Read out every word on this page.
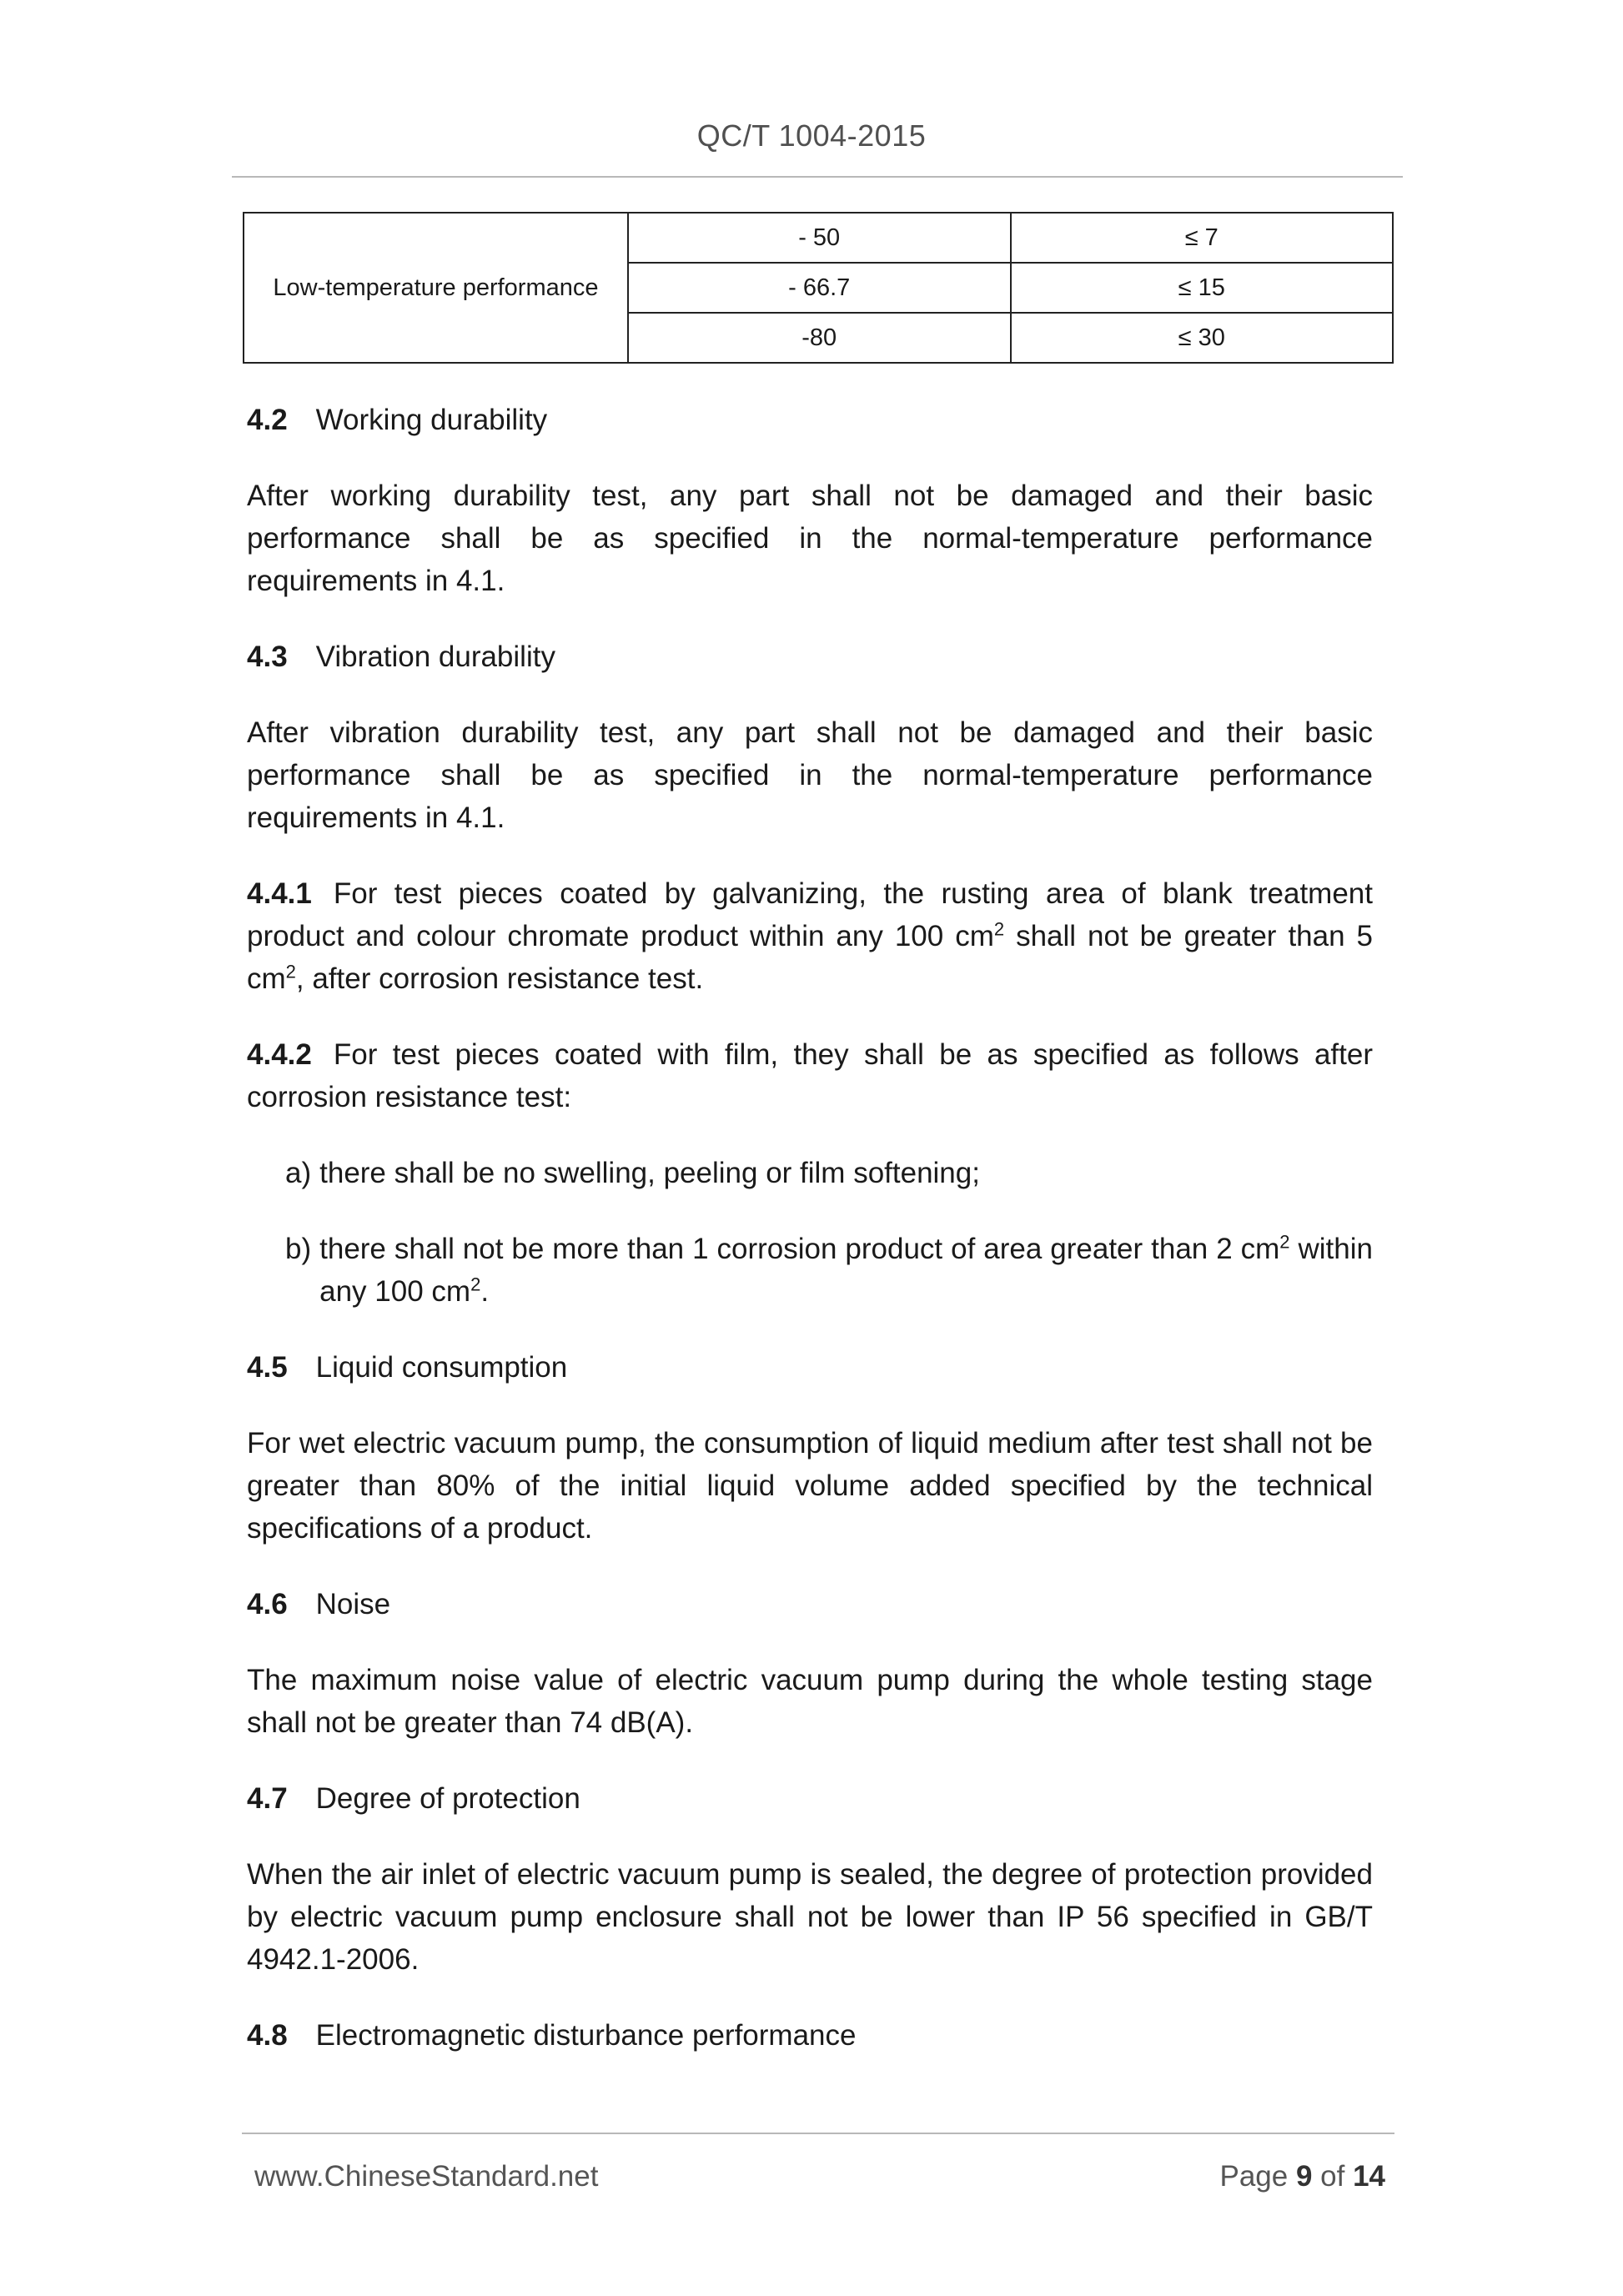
QC/T 1004-2015
Low-temperature performance	- 50	≤ 7
	- 66.7	≤ 15
	-80	≤ 30
4.2 Working durability
After working durability test, any part shall not be damaged and their basic performance shall be as specified in the normal-temperature performance requirements in 4.1.
4.3 Vibration durability
After vibration durability test, any part shall not be damaged and their basic performance shall be as specified in the normal-temperature performance requirements in 4.1.
4.4.1 For test pieces coated by galvanizing, the rusting area of blank treatment product and colour chromate product within any 100 $cm^2$ shall not be greater than 5 $cm^2$, after corrosion resistance test.
4.4.2 For test pieces coated with film, they shall be as specified as follows after corrosion resistance test:
a) there shall be no swelling, peeling or film softening;
b) there shall not be more than 1 corrosion product of area greater than 2 $cm^2$ within any 100 $cm^2$.
4.5 Liquid consumption
For wet electric vacuum pump, the consumption of liquid medium after test shall not be greater than 80% of the initial liquid volume added specified by the technical specifications of a product.
4.6 Noise
The maximum noise value of electric vacuum pump during the whole testing stage shall not be greater than 74 dB(A).
4.7 Degree of protection
When the air inlet of electric vacuum pump is sealed, the degree of protection provided by electric vacuum pump enclosure shall not be lower than IP 56 specified in GB/T 4942.1-2006.
4.8 Electromagnetic disturbance performance
www.ChineseStandard.net	Page 9 of 14
